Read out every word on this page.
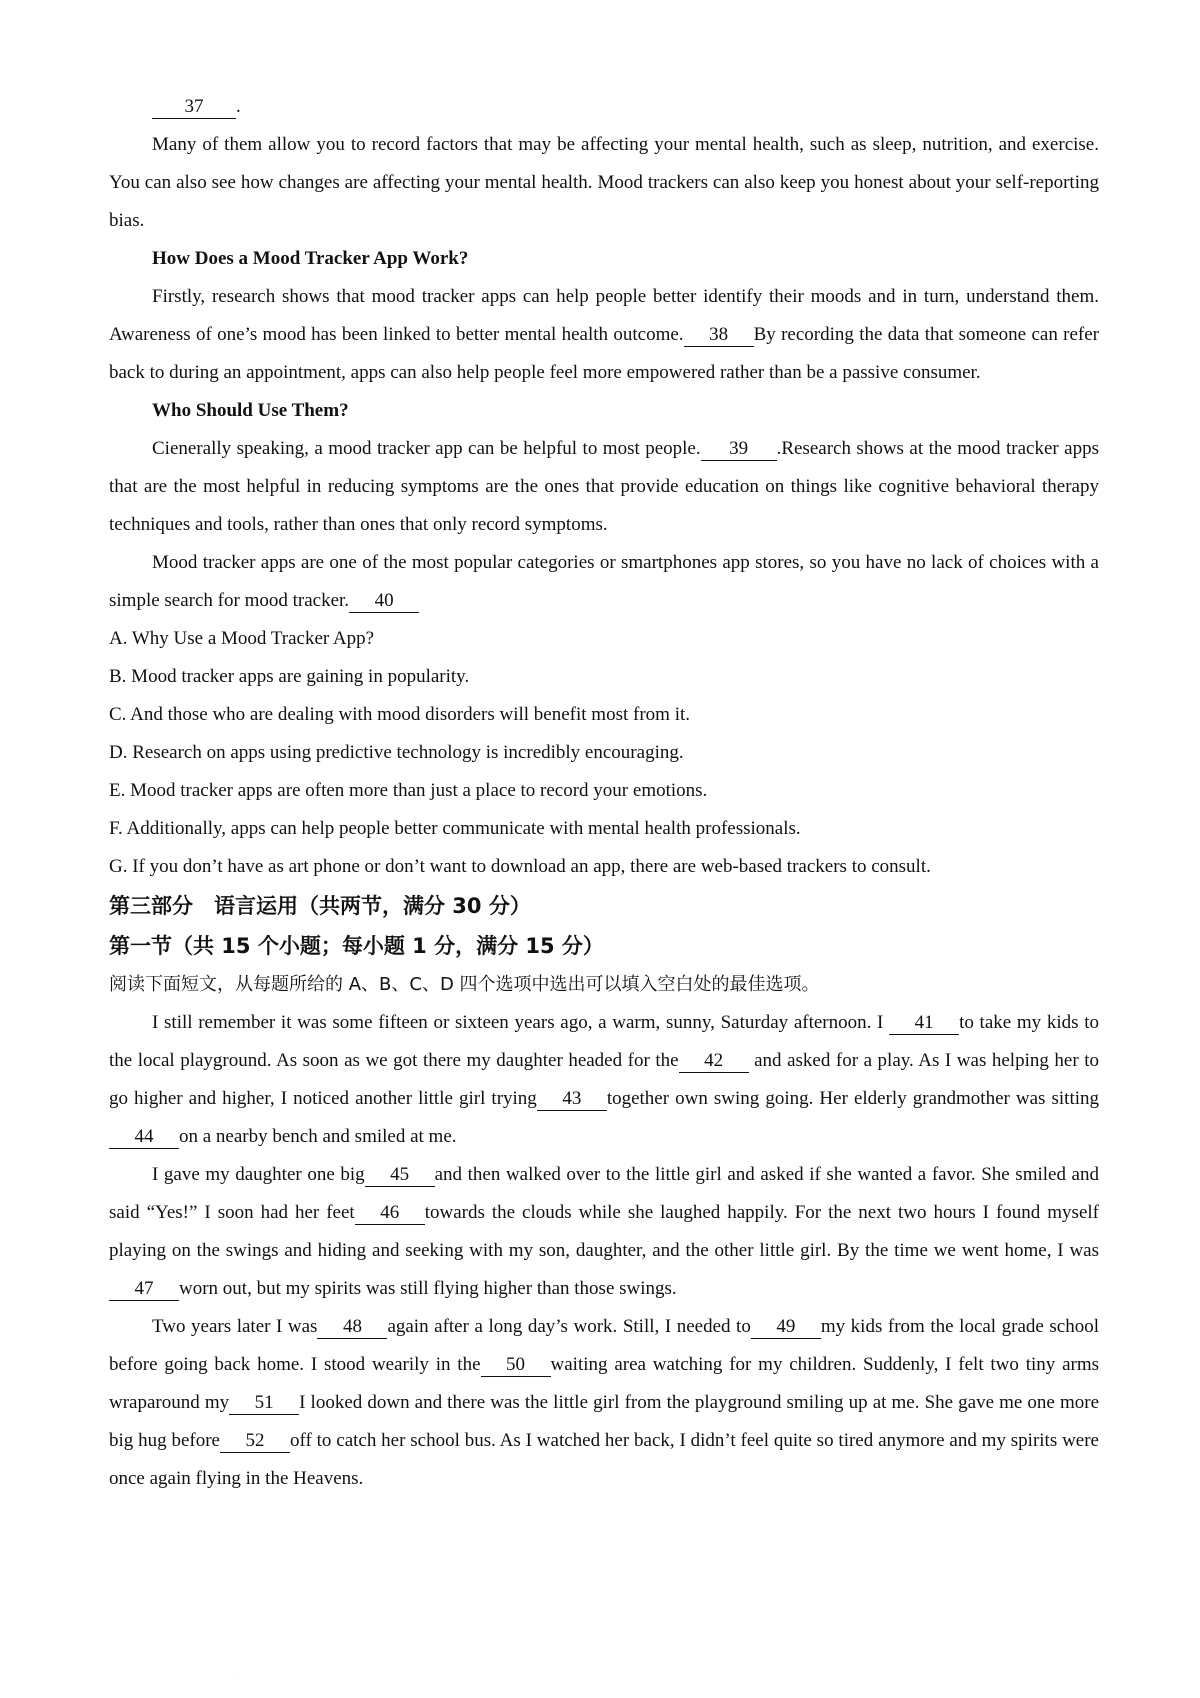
37 .

Many of them allow you to record factors that may be affecting your mental health, such as sleep, nutrition, and exercise. You can also see how changes are affecting your mental health. Mood trackers can also keep you honest about your self-reporting bias.

How Does a Mood Tracker App Work?

Firstly, research shows that mood tracker apps can help people better identify their moods and in turn, understand them. Awareness of one’s mood has been linked to better mental health outcome. 38 By recording the data that someone can refer back to during an appointment, apps can also help people feel more empowered rather than be a passive consumer.

Who Should Use Them?

Cienerally speaking, a mood tracker app can be helpful to most people. 39 .Research shows at the mood tracker apps that are the most helpful in reducing symptoms are the ones that provide education on things like cognitive behavioral therapy techniques and tools, rather than ones that only record symptoms.

Mood tracker apps are one of the most popular categories or smartphones app stores, so you have no lack of choices with a simple search for mood tracker. 40

A. Why Use a Mood Tracker App?

B. Mood tracker apps are gaining in popularity.

C. And those who are dealing with mood disorders will benefit most from it.

D. Research on apps using predictive technology is incredibly encouraging.

E. Mood tracker apps are often more than just a place to record your emotions.

F. Additionally, apps can help people better communicate with mental health professionals.

G. If you don’t have as art phone or don’t want to download an app, there are web-based trackers to consult.

第三部分　语言运用（共两节，满分 30 分）

第一节（共 15 个小题；每小题 1 分，满分 15 分）

阅读下面短文，从每题所给的 A、B、C、D 四个选项中选出可以填入空白处的最佳选项。

I still remember it was some fifteen or sixteen years ago, a warm, sunny, Saturday afternoon. I 41 to take my kids to the local playground. As soon as we got there my daughter headed for the 42 and asked for a play. As I was helping her to go higher and higher, I noticed another little girl trying 43 together own swing going. Her elderly grandmother was sitting44 on a nearby bench and smiled at me.

I gave my daughter one big 45 and then walked over to the little girl and asked if she wanted a favor. She smiled and said “Yes!” I soon had her feet 46 towards the clouds while she laughed happily. For the next two hours I found myself playing on the swings and hiding and seeking with my son, daughter, and the other little girl. By the time we went home, I was47 worn out, but my spirits was still flying higher than those swings.

Two years later I was 48 again after a long day’s work. Still, I needed to 49 my kids from the local grade school before going back home. I stood wearily in the 50 waiting area watching for my children. Suddenly, I felt two tiny arms wraparound my 51 I looked down and there was the little girl from the playground smiling up at me. She gave me one more big hug before 52 off to catch her school bus. As I watched her back, I didn’t feel quite so tired anymore and my spirits were once again flying in the Heavens.

·
